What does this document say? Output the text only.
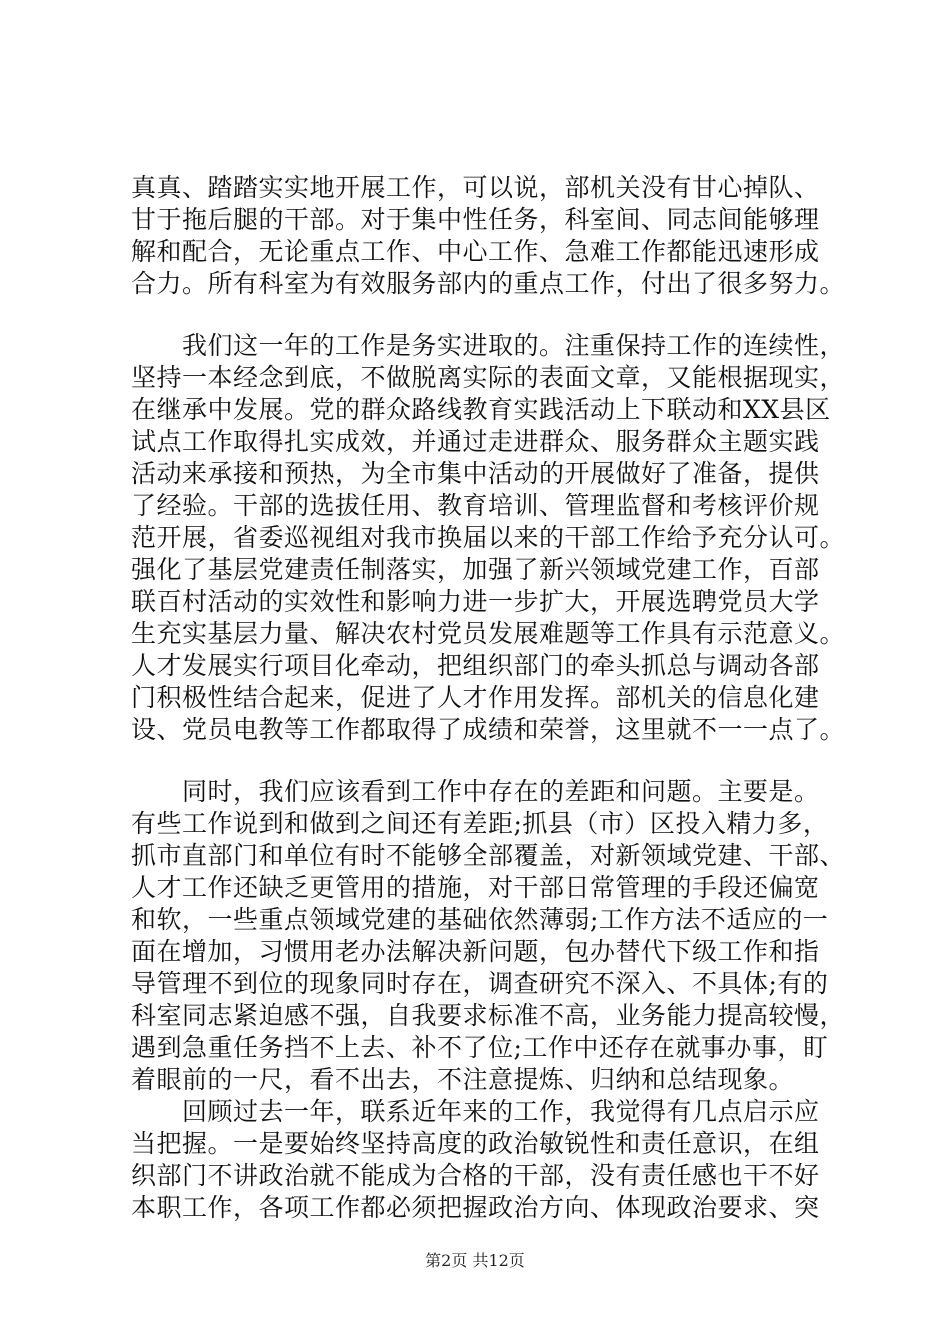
真真、踏踏实实地开展工作，可以说，部机关没有甘心掉队、
甘于拖后腿的干部。对于集中性任务，科室间、同志间能够理
解和配合，无论重点工作、中心工作、急难工作都能迅速形成
合力。所有科室为有效服务部内的重点工作，付出了很多努力。
　　我们这一年的工作是务实进取的。注重保持工作的连续性，
坚持一本经念到底，不做脱离实际的表面文章，又能根据现实，
在继承中发展。党的群众路线教育实践活动上下联动和XX县区
试点工作取得扎实成效，并通过走进群众、服务群众主题实践
活动来承接和预热，为全市集中活动的开展做好了准备，提供
了经验。干部的选拔任用、教育培训、管理监督和考核评价规
范开展，省委巡视组对我市换届以来的干部工作给予充分认可。
强化了基层党建责任制落实，加强了新兴领域党建工作，百部
联百村活动的实效性和影响力进一步扩大，开展选聘党员大学
生充实基层力量、解决农村党员发展难题等工作具有示范意义。
人才发展实行项目化牵动，把组织部门的牵头抓总与调动各部
门积极性结合起来，促进了人才作用发挥。部机关的信息化建
设、党员电教等工作都取得了成绩和荣誉，这里就不一一点了。
　　同时，我们应该看到工作中存在的差距和问题。主要是。
有些工作说到和做到之间还有差距;抓县（市）区投入精力多，
抓市直部门和单位有时不能够全部覆盖，对新领域党建、干部、
人才工作还缺乏更管用的措施，对干部日常管理的手段还偏宽
和软，一些重点领域党建的基础依然薄弱;工作方法不适应的一
面在增加，习惯用老办法解决新问题，包办替代下级工作和指
导管理不到位的现象同时存在，调查研究不深入、不具体;有的
科室同志紧迫感不强，自我要求标准不高，业务能力提高较慢，
遇到急重任务挡不上去、补不了位;工作中还存在就事办事，盯
着眼前的一尺，看不出去，不注意提炼、归纳和总结现象。
　　回顾过去一年，联系近年来的工作，我觉得有几点启示应
当把握。一是要始终坚持高度的政治敏锐性和责任意识，在组
织部门不讲政治就不能成为合格的干部，没有责任感也干不好
本职工作，各项工作都必须把握政治方向、体现政治要求、突
第2页 共12页
